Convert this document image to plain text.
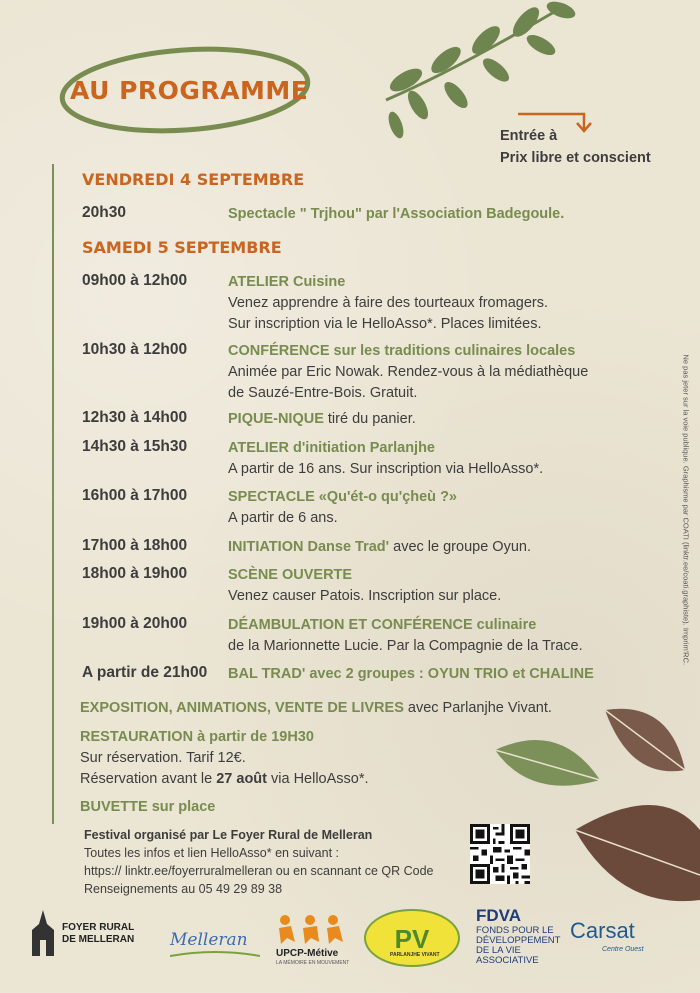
AU PROGRAMME
Entrée à
Prix libre et conscient
VENDREDI 4 SEPTEMBRE
20h30	Spectacle " Trjhou" par l'Association Badegoule.
SAMEDI 5 SEPTEMBRE
09h00 à 12h00	ATELIER Cuisine
Venez apprendre à faire des tourteaux fromagers.
Sur inscription via le HelloAsso*. Places limitées.
10h30 à 12h00	CONFÉRENCE sur les traditions culinaires locales
Animée par Eric Nowak. Rendez-vous à la médiathèque
de Sauzé-Entre-Bois. Gratuit.
12h30 à 14h00	PIQUE-NIQUE tiré du panier.
14h30 à 15h30	ATELIER d'initiation Parlanjhe
A partir de 16 ans. Sur inscription via HelloAsso*.
16h00 à 17h00	SPECTACLE «Qu'ét-o qu'çheù ?»
A partir de 6 ans.
17h00 à 18h00	INITIATION Danse Trad' avec le groupe Oyun.
18h00 à 19h00	SCÈNE OUVERTE
Venez causer Patois. Inscription sur place.
19h00 à 20h00	DÉAMBULATION ET CONFÉRENCE culinaire
de la Marionnette Lucie. Par la Compagnie de la Trace.
A partir de 21h00 BAL TRAD' avec 2 groupes : OYUN TRIO et CHALINE
EXPOSITION, ANIMATIONS, VENTE DE LIVRES avec Parlanjhe Vivant.
RESTAURATION à partir de 19H30
Sur réservation. Tarif 12€.
Réservation avant le 27 août via HelloAsso*.
BUVETTE sur place
Ne pas jeter sur la voie publique. Graphisme par COATI (linktr.ee/coati.graphiste). Imprim'RC.
Festival organisé par Le Foyer Rural de Melleran
Toutes les infos et lien HelloAsso* en suivant :
https:// linktr.ee/foyerruralmelleran ou en scannant ce QR Code
Renseignements au 05 49 29 89 38
FOYER RURAL
DE MELLERAN Melleran
UPCP-Métive
LA MÉMOIRE EN MOUVEMENT
PV
PARLANJHE VIVANT
FDVA
FONDS POUR LE
DÉVELOPPEMENT
DE LA VIE
ASSOCIATIVE
Carsat
Centre Ouest
